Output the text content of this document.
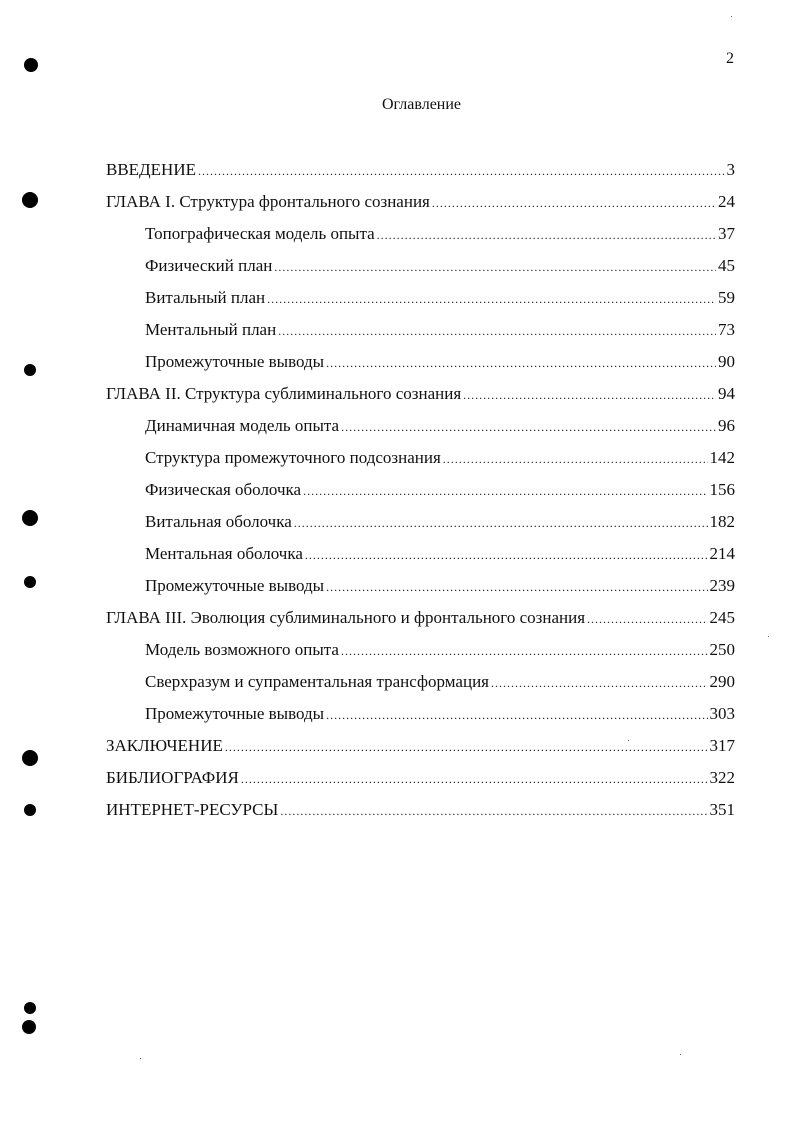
2
Оглавление
ВВЕДЕНИЕ .....	3
ГЛАВА I. Структура фронтального сознания .....	24
Топографическая модель опыта .....	37
Физический план .....	45
Витальный план .....	59
Ментальный план .....	73
Промежуточные выводы .....	90
ГЛАВА II. Структура сублиминального сознания .....	94
Динамичная модель опыта .....	96
Структура промежуточного подсознания .....	142
Физическая оболочка .....	156
Витальная оболочка .....	182
Ментальная оболочка .....	214
Промежуточные выводы .....	239
ГЛАВА III. Эволюция сублиминального и фронтального сознания .....	245
Модель возможного опыта .....	250
Сверхразум и супраментальная трансформация .....	290
Промежуточные выводы .....	303
ЗАКЛЮЧЕНИЕ .....	317
БИБЛИОГРАФИЯ .....	322
ИНТЕРНЕТ-РЕСУРСЫ .....	351
